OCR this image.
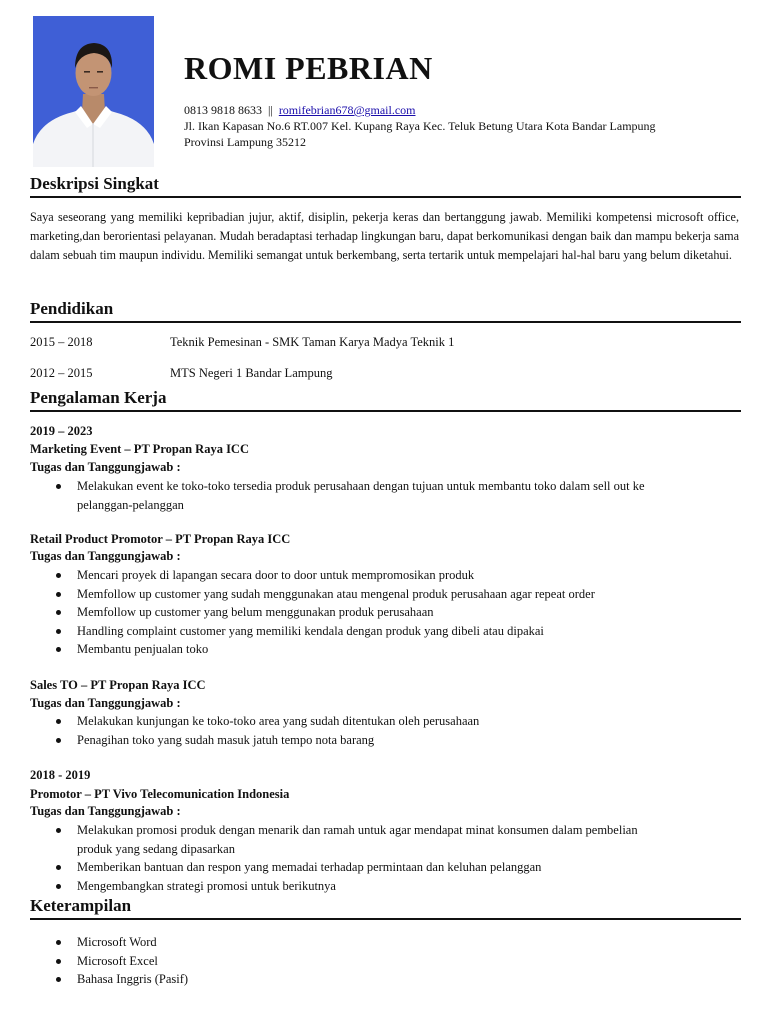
ROMI PEBRIAN
0813 9818 8633 || romifebrian678@gmail.com
Jl. Ikan Kapasan No.6 RT.007 Kel. Kupang Raya Kec. Teluk Betung Utara Kota Bandar Lampung
Provinsi Lampung 35212
Deskripsi Singkat
Saya seseorang yang memiliki kepribadian jujur, aktif, disiplin, pekerja keras dan bertanggung jawab. Memiliki kompetensi microsoft office, marketing,dan berorientasi pelayanan. Mudah beradaptasi terhadap lingkungan baru, dapat berkomunikasi dengan baik dan mampu bekerja sama dalam sebuah tim maupun individu. Memiliki semangat untuk berkembang, serta tertarik untuk mempelajari hal-hal baru yang belum diketahui.
Pendidikan
2015 – 2018	Teknik Pemesinan - SMK Taman Karya Madya Teknik 1
2012 – 2015	MTS Negeri 1 Bandar Lampung
Pengalaman Kerja
2019 – 2023
Marketing Event – PT Propan Raya ICC
Tugas dan Tanggungjawab :
Melakukan event ke toko-toko tersedia produk perusahaan dengan tujuan untuk membantu toko dalam sell out ke
pelanggan-pelanggan
Retail Product Promotor – PT Propan Raya ICC
Tugas dan Tanggungjawab :
Mencari proyek di lapangan secara door to door untuk mempromosikan produk
Memfollow up customer yang sudah menggunakan atau mengenal produk perusahaan agar repeat order
Memfollow up customer yang belum menggunakan produk perusahaan
Handling complaint customer yang memiliki kendala dengan produk yang dibeli atau dipakai
Membantu penjualan toko
Sales TO – PT Propan Raya ICC
Tugas dan Tanggungjawab :
Melakukan kunjungan ke toko-toko area yang sudah ditentukan oleh perusahaan
Penagihan toko yang sudah masuk jatuh tempo nota barang
2018 - 2019
Promotor – PT Vivo Telecomunication Indonesia
Tugas dan Tanggungjawab :
Melakukan promosi produk dengan menarik dan ramah untuk agar mendapat minat konsumen dalam pembelian
produk yang sedang dipasarkan
Memberikan bantuan dan respon yang memadai terhadap permintaan dan keluhan pelanggan
Mengembangkan strategi promosi untuk berikutnya
Keterampilan
Microsoft Word
Microsoft Excel
Bahasa Inggris (Pasif)
